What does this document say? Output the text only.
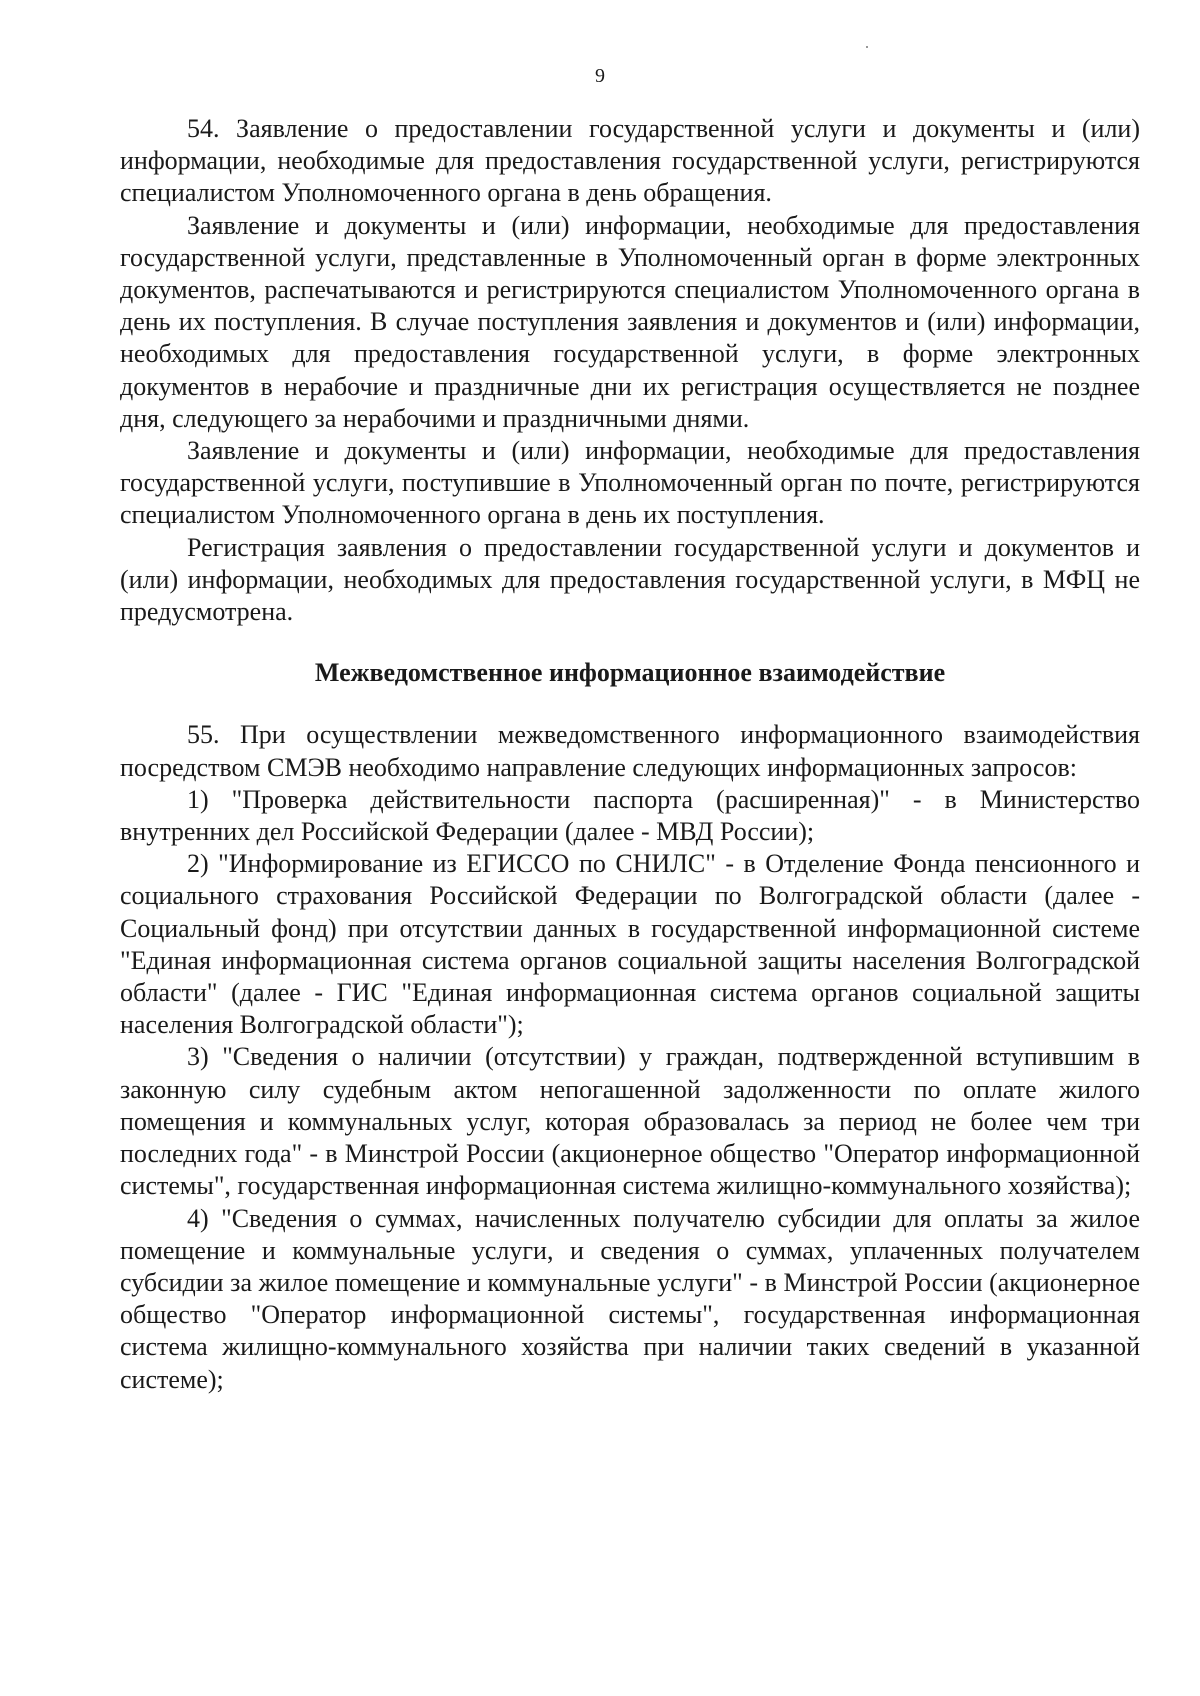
9

54. Заявление о предоставлении государственной услуги и документы и (или) информации, необходимые для предоставления государственной услуги, регистрируются специалистом Уполномоченного органа в день обращения.

Заявление и документы и (или) информации, необходимые для предоставления государственной услуги, представленные в Уполномоченный орган в форме электронных документов, распечатываются и регистрируются специалистом Уполномоченного органа в день их поступления. В случае поступления заявления и документов и (или) информации, необходимых для предоставления государственной услуги, в форме электронных документов в нерабочие и праздничные дни их регистрация осуществляется не позднее дня, следующего за нерабочими и праздничными днями.

Заявление и документы и (или) информации, необходимые для предоставления государственной услуги, поступившие в Уполномоченный орган по почте, регистрируются специалистом Уполномоченного органа в день их поступления.

Регистрация заявления о предоставлении государственной услуги и документов и (или) информации, необходимых для предоставления государственной услуги, в МФЦ не предусмотрена.

Межведомственное информационное взаимодействие

55. При осуществлении межведомственного информационного взаимодействия посредством СМЭВ необходимо направление следующих информационных запросов:

1) "Проверка действительности паспорта (расширенная)" - в Министерство внутренних дел Российской Федерации (далее - МВД России);

2) "Информирование из ЕГИССО по СНИЛС" - в Отделение Фонда пенсионного и социального страхования Российской Федерации по Волгоградской области (далее - Социальный фонд) при отсутствии данных в государственной информационной системе "Единая информационная система органов социальной защиты населения Волгоградской области" (далее - ГИС "Единая информационная система органов социальной защиты населения Волгоградской области");

3) "Сведения о наличии (отсутствии) у граждан, подтвержденной вступившим в законную силу судебным актом непогашенной задолженности по оплате жилого помещения и коммунальных услуг, которая образовалась за период не более чем три последних года" - в Минстрой России (акционерное общество "Оператор информационной системы", государственная информационная система жилищно-коммунального хозяйства);

4) "Сведения о суммах, начисленных получателю субсидии для оплаты за жилое помещение и коммунальные услуги, и сведения о суммах, уплаченных получателем субсидии за жилое помещение и коммунальные услуги" - в Минстрой России (акционерное общество "Оператор информационной системы", государственная информационная система жилищно-коммунального хозяйства при наличии таких сведений в указанной системе);
